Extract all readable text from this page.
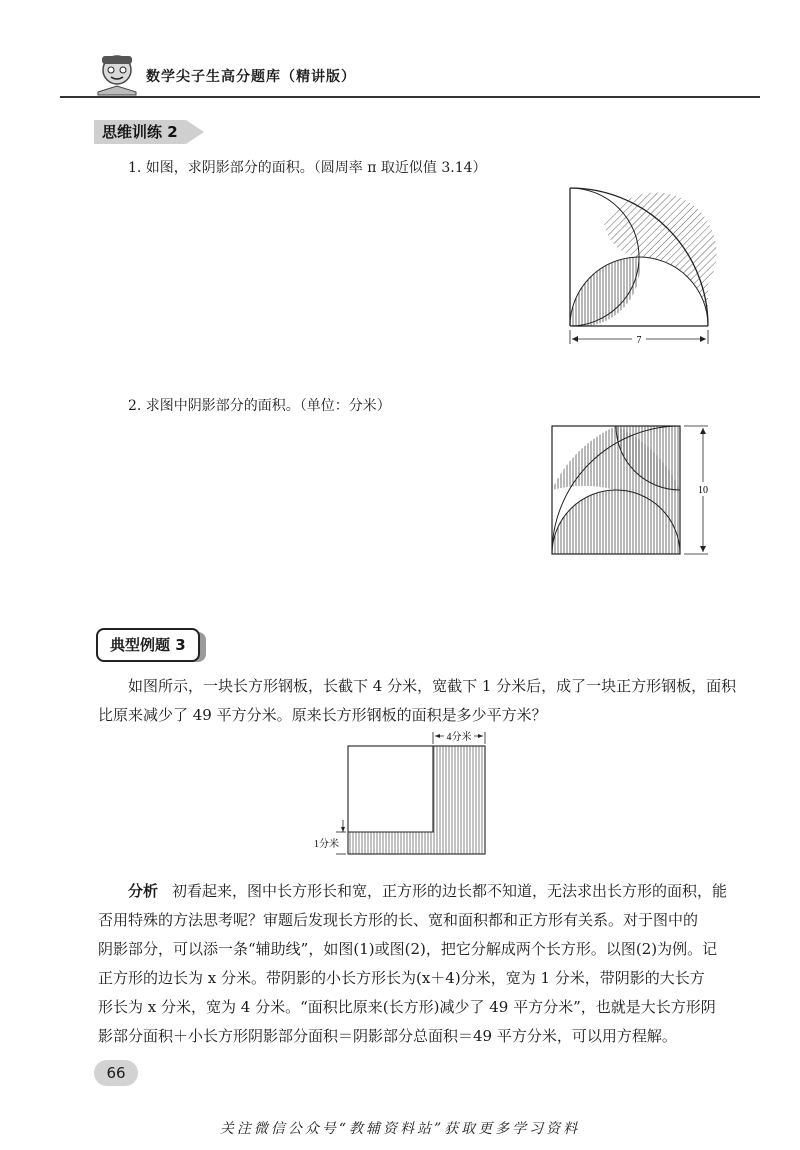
数学尖子生高分题库（精讲版）
思维训练 2
1. 如图，求阴影部分的面积。（圆周率 π 取近似值 3.14）
7
2. 求图中阴影部分的面积。（单位：分米）
10
典型例题 3
如图所示，一块长方形钢板，长截下 4 分米，宽截下 1 分米后，成了一块正方形钢板，面积
比原来减少了 49 平方分米。原来长方形钢板的面积是多少平方米？
4分米
1分米
分析 初看起来，图中长方形长和宽，正方形的边长都不知道，无法求出长方形的面积，能
否用特殊的方法思考呢？审题后发现长方形的长、宽和面积都和正方形有关系。对于图中的
阴影部分，可以添一条“辅助线”，如图(1)或图(2)，把它分解成两个长方形。以图(2)为例。记
正方形的边长为 x 分米。带阴影的小长方形长为(x＋4)分米，宽为 1 分米，带阴影的大长方
形长为 x 分米，宽为 4 分米。“面积比原来(长方形)减少了 49 平方分米”，也就是大长方形阴
影部分面积＋小长方形阴影部分面积＝阴影部分总面积＝49 平方分米，可以用方程解。
66
关注微信公众号“教辅资料站”获取更多学习资料
